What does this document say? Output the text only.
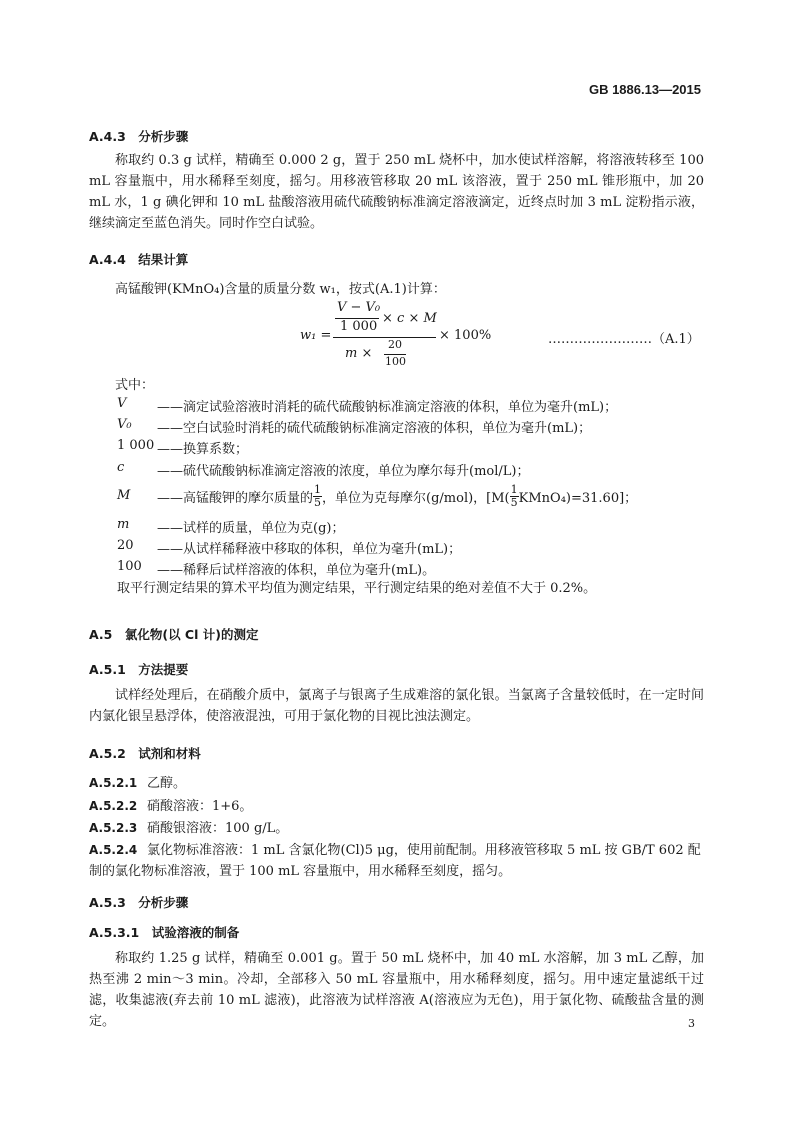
GB 1886.13—2015
A.4.3　分析步骤
称取约 0.3 g 试样，精确至 0.000 2 g，置于 250 mL 烧杯中，加水使试样溶解，将溶液转移至 100 mL 容量瓶中，用水稀释至刻度，摇匀。用移液管移取 20 mL 该溶液，置于 250 mL 锥形瓶中，加 20 mL 水，1 g 碘化钾和 10 mL 盐酸溶液用硫代硫酸钠标准滴定溶液滴定，近终点时加 3 mL 淀粉指示液，继续滴定至蓝色消失。同时作空白试验。
A.4.4　结果计算
高锰酸钾(KMnO₄)含量的质量分数 w₁，按式(A.1)计算：
w₁ =
V − V₀
1 000
× c × M
m ×
20
100
× 100%	……………………（A.1）
式中：
V ——滴定试验溶液时消耗的硫代硫酸钠标准滴定溶液的体积，单位为毫升(mL)；
V₀ ——空白试验时消耗的硫代硫酸钠标准滴定溶液的体积，单位为毫升(mL)；
1 000 ——换算系数；
c	——硫代硫酸钠标准滴定溶液的浓度，单位为摩尔每升(mol/L)；
M ——高锰酸钾的摩尔质量的 $\frac{1}{5}$ ，单位为克每摩尔(g/mol)，[$M( \frac{1}{5}$ KMnO₄)=31.60]；
m ——试样的质量，单位为克(g)；
20 ——从试样稀释液中移取的体积，单位为毫升(mL)；
100 ——稀释后试样溶液的体积，单位为毫升(mL)。
取平行测定结果的算术平均值为测定结果，平行测定结果的绝对差值不大于 0.2%。
A.5　氯化物(以 Cl 计)的测定
A.5.1　方法提要
试样经处理后，在硝酸介质中，氯离子与银离子生成难溶的氯化银。当氯离子含量较低时，在一定时间内氯化银呈悬浮体，使溶液混浊，可用于氯化物的目视比浊法测定。
A.5.2　试剂和材料
A.5.2.1 乙醇。
A.5.2.2 硝酸溶液：1+6。
A.5.2.3 硝酸银溶液：100 g/L。
A.5.2.4 氯化物标准溶液：1 mL 含氯化物(Cl)5 μg，使用前配制。用移液管移取 5 mL 按 GB/T 602 配
制的氯化物标准溶液，置于 100 mL 容量瓶中，用水稀释至刻度，摇匀。
A.5.3　分析步骤
A.5.3.1　试验溶液的制备
称取约 1.25 g 试样，精确至 0.001 g。置于 50 mL 烧杯中，加 40 mL 水溶解，加 3 mL 乙醇，加热至沸 2 min～3 min。冷却，全部移入 50 mL 容量瓶中，用水稀释刻度，摇匀。用中速定量滤纸干过滤，收集滤液(弃去前 10 mL 滤液)，此溶液为试样溶液 A(溶液应为无色)，用于氯化物、硫酸盐含量的测定。	3
